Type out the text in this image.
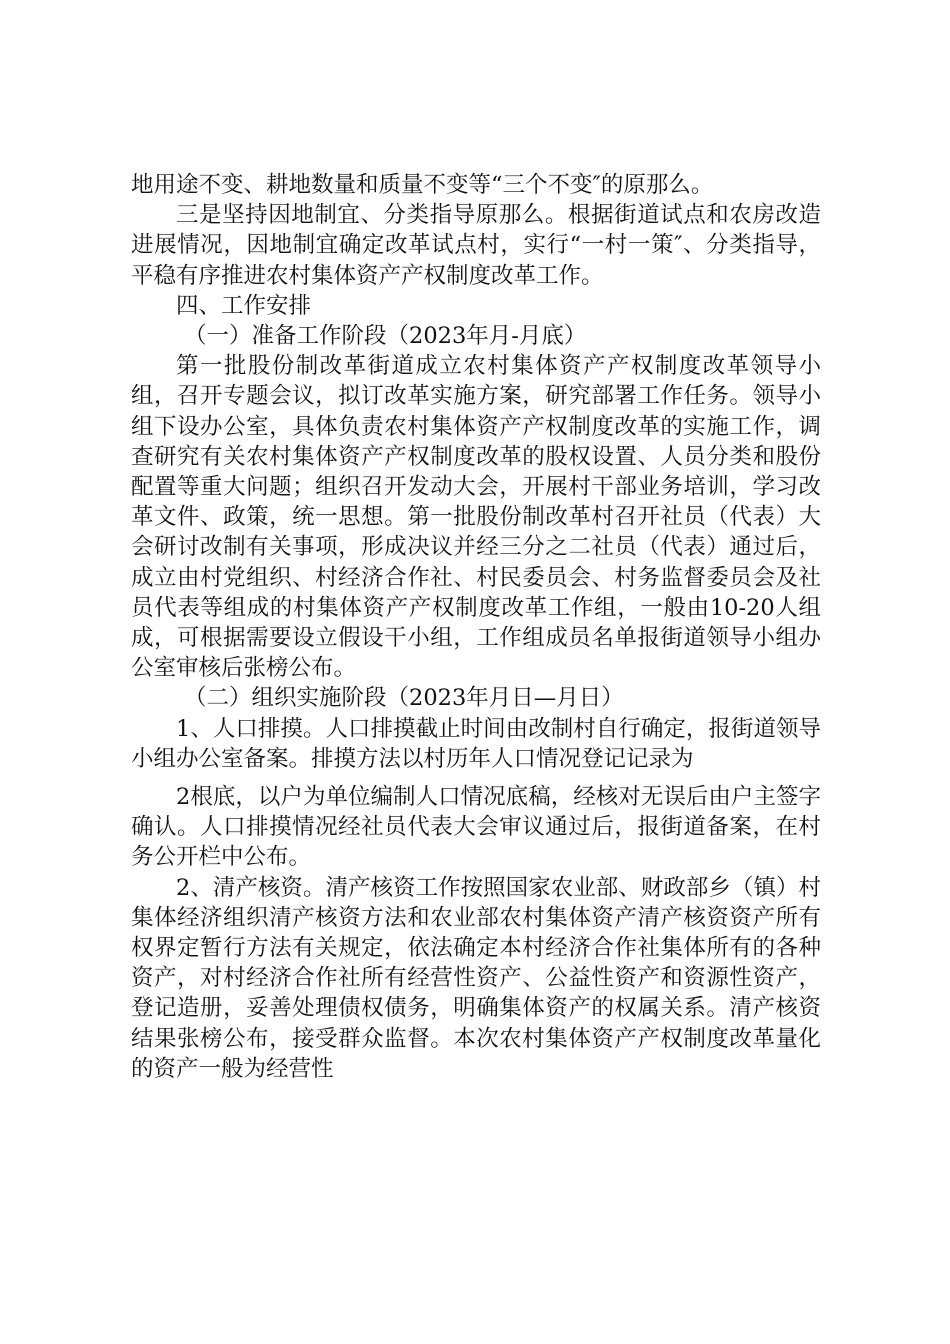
地用途不变、耕地数量和质量不变等“三个不变″的原那么。

三是坚持因地制宜、分类指导原那么。根据街道试点和农房改造进展情况，因地制宜确定改革试点村，实行“一村一策″、分类指导，平稳有序推进农村集体资产产权制度改革工作。

四、工作安排

（一）准备工作阶段（2023年月-月底）

第一批股份制改革街道成立农村集体资产产权制度改革领导小组，召开专题会议，拟订改革实施方案，研究部署工作任务。领导小组下设办公室，具体负责农村集体资产产权制度改革的实施工作，调查研究有关农村集体资产产权制度改革的股权设置、人员分类和股份配置等重大问题；组织召开发动大会，开展村干部业务培训，学习改革文件、政策，统一思想。第一批股份制改革村召开社员（代表）大会研讨改制有关事项，形成决议并经三分之二社员（代表）通过后，成立由村党组织、村经济合作社、村民委员会、村务监督委员会及社员代表等组成的村集体资产产权制度改革工作组，一般由10-20人组成，可根据需要设立假设干小组，工作组成员名单报街道领导小组办公室审核后张榜公布。

（二）组织实施阶段（2023年月日—月日）

1、人口排摸。人口排摸截止时间由改制村自行确定，报街道领导小组办公室备案。排摸方法以村历年人口情况登记记录为

2根底，以户为单位编制人口情况底稿，经核对无误后由户主签字确认。人口排摸情况经社员代表大会审议通过后，报街道备案，在村务公开栏中公布。

2、清产核资。清产核资工作按照国家农业部、财政部乡（镇）村集体经济组织清产核资方法和农业部农村集体资产清产核资资产所有权界定暂行方法有关规定，依法确定本村经济合作社集体所有的各种资产，对村经济合作社所有经营性资产、公益性资产和资源性资产，登记造册，妥善处理债权债务，明确集体资产的权属关系。清产核资结果张榜公布，接受群众监督。本次农村集体资产产权制度改革量化的资产一般为经营性
